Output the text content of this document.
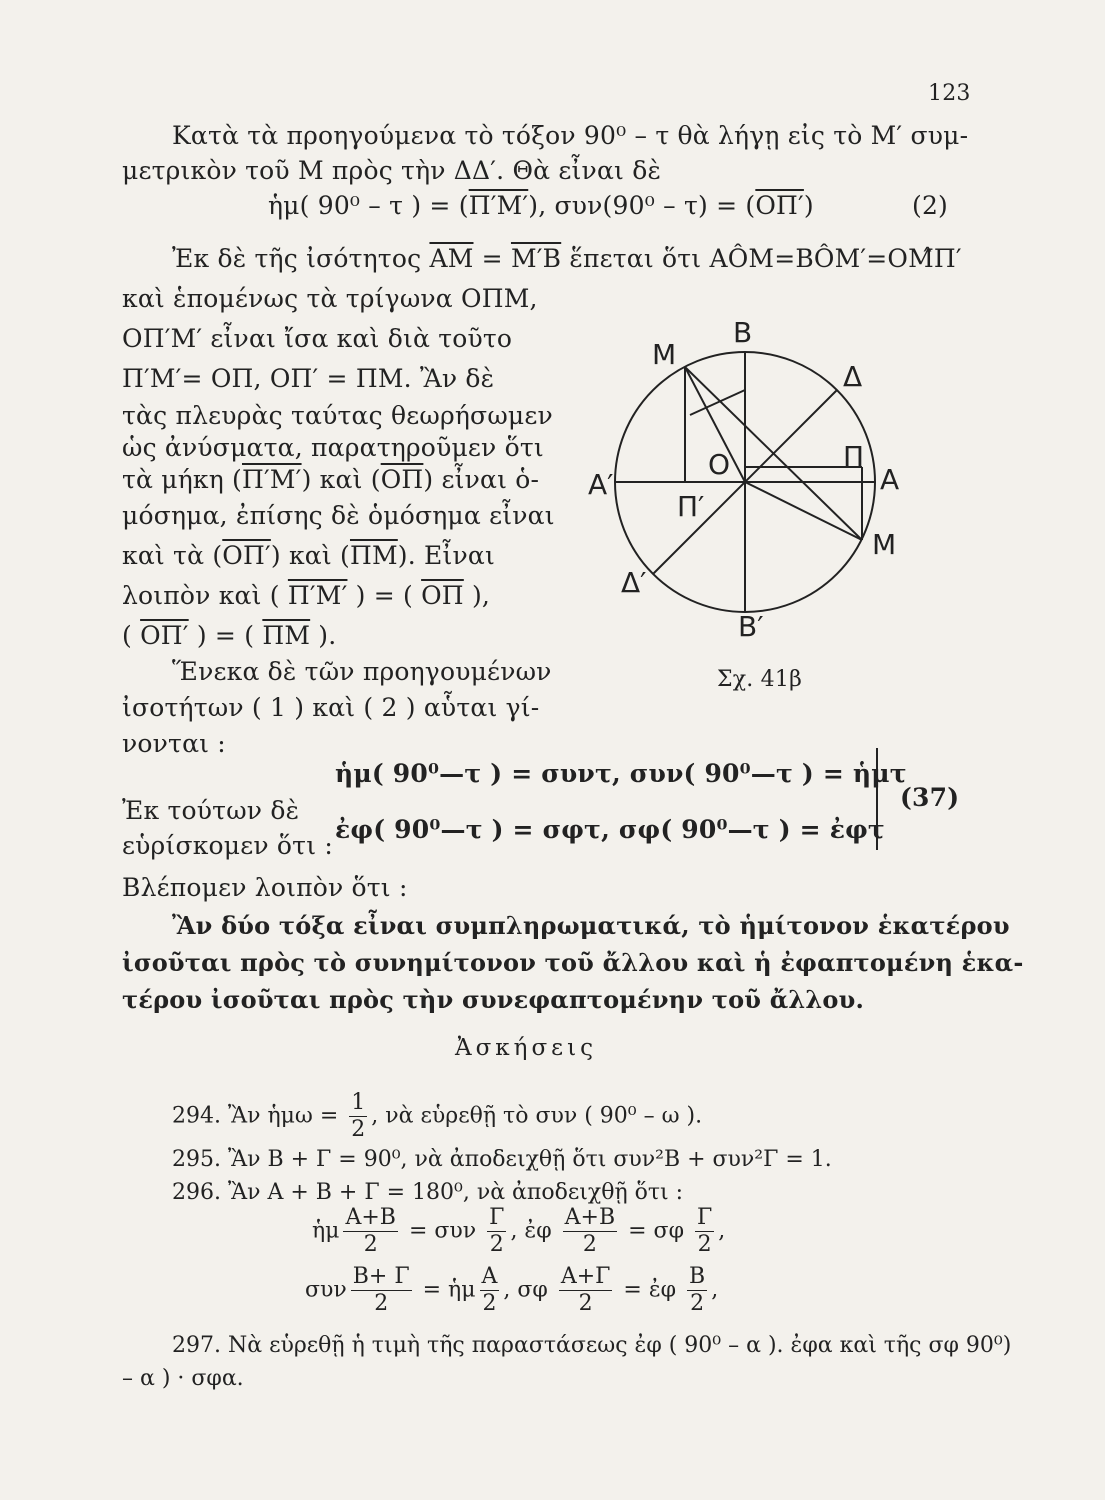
123
Κατὰ τὰ προηγούμενα τὸ τόξον 90⁰ – τ θὰ λήγῃ εἰς τὸ Μ′ συμ-
μετρικὸν τοῦ Μ πρὸς τὴν ΔΔ′. Θὰ εἶναι δὲ
ἡμ( 90⁰ – τ ) = (Π′Μ′), συν(90⁰ – τ) = (ΟΠ′)	(2)
Ἐκ δὲ τῆς ἰσότητος $\overline{AM} = M'B$ ἕπεται ὅτι ΑÔΜ=ΒÔΜ′=ΟΜ̂Π′
καὶ ἑπομένως τὰ τρίγωνα ΟΠΜ,
ΟΠ′Μ′ εἶναι ἴσα καὶ διὰ τοῦτο
Π′Μ′= ΟΠ, ΟΠ′ = ΠΜ. Ἂν δὲ
τὰς πλευρὰς ταύτας θεωρήσωμεν
ὡς ἀνύσματα, παρατηροῦμεν ὅτι
τὰ μήκη (Π′Μ′) καὶ $(\overline{O\Pi})$ εἶναι ὁ-
μόσημα, ἐπίσης δὲ ὁμόσημα εἶναι
καὶ τὰ (ΟΠ′) καὶ $(\overline{\Pi M})$. Εἶναι
λοιπὸν καὶ ( Π′Μ′ ) = ( $\overline{O\Pi}$ ),
( ΟΠ′ ) = ( $\overline{\Pi M}$ ).
Ἕνεκα δὲ τῶν προηγουμένων
ἰσοτήτων ( 1 ) καὶ ( 2 ) αὗται γί-
νονται :
Β
Μ
Δ
Π
Α
Ο
Α′
Π′
Μ
Δ′
Β′
Σχ. 41β
ἡμ( 90⁰—τ ) = συντ, συν( 90⁰—τ ) = ἡμτ
Ἐκ τούτων δὲ
εὑρίσκομεν ὅτι :
ἐφ( 90⁰—τ ) = σφτ, σφ( 90⁰—τ ) = ἐφτ
(37)
Βλέπομεν λοιπὸν ὅτι :
Ἂν δύο τόξα εἶναι συμπληρωματικά, τὸ ἡμίτονον ἑκατέρου
ἰσοῦται πρὸς τὸ συνημίτονον τοῦ ἄλλου καὶ ἡ ἐφαπτομένη ἑκα-
τέρου ἰσοῦται πρὸς τὴν συνεφαπτομένην τοῦ ἄλλου.
Ἀσκήσεις
294. Ἂν ἡμω = $\frac{1}{2}$ , νὰ εὑρεθῇ τὸ συν ( 90⁰ – ω ).
295. Ἂν Β + Γ = 90⁰, νὰ ἀποδειχθῇ ὅτι συν²Β + συν²Γ = 1.
296. Ἂν Α + Β + Γ = 180⁰, νὰ ἀποδειχθῇ ὅτι :
ἡμ $\frac{A+B}{2} = \sigma\upsilon\nu \frac{\Gamma}{2}$ , ἐφ $\frac{A+B}{2} = \sigma\varphi \frac{\Gamma}{2}$ ,
συν $\frac{B+ \Gamma}{2}$ = ἡμ $\frac{A}{2}$ , σφ $\frac{A+\Gamma}{2}$ = ἐφ $\frac{B}{2}$ ,
297. Νὰ εὑρεθῇ ἡ τιμὴ τῆς παραστάσεως ἐφ ( 90⁰ – α ). ἐφα καὶ τῆς σφ 90⁰)
– α ) · σφα.
